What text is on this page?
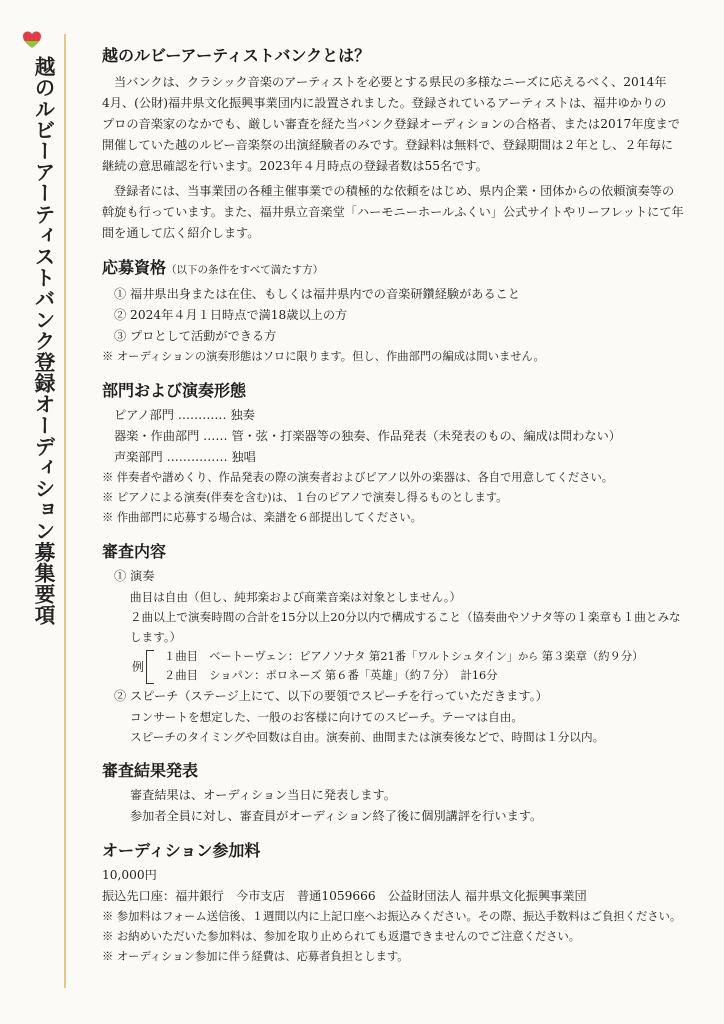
越のルビーアーティストバンク登録オーディション募集要項
越のルビーアーティストバンクとは？

当バンクは、クラシック音楽のアーティストを必要とする県民の多様なニーズに応えるべく、2014年

4月、(公財)福井県文化振興事業団内に設置されました。登録されているアーティストは、福井ゆかりの

プロの音楽家のなかでも、厳しい審査を経た当バンク登録オーディションの合格者、または2017年度まで

開催していた越のルビー音楽祭の出演経験者のみです。登録料は無料で、登録期間は２年とし、２年毎に

継続の意思確認を行います。2023年４月時点の登録者数は55名です。

登録者には、当事業団の各種主催事業での積極的な依頼をはじめ、県内企業・団体からの依頼演奏等の

斡旋も行っています。また、福井県立音楽堂「ハーモニーホールふくい」公式サイトやリーフレットにて年

間を通して広く紹介します。

応募資格（以下の条件をすべて満たす方）

① 福井県出身または在住、もしくは福井県内での音楽研鑽経験があること

② 2024年４月１日時点で満18歳以上の方

③ プロとして活動ができる方

※ オーディションの演奏形態はソロに限ります。但し、作曲部門の編成は問いません。

部門および演奏形態

ピアノ部門 ………… 独奏

器楽・作曲部門 …… 管・弦・打楽器等の独奏、作品発表（未発表のもの、編成は問わない）

声楽部門 …………… 独唱

※ 伴奏者や譜めくり、作品発表の際の演奏者およびピアノ以外の楽器は、各自で用意してください。

※ ピアノによる演奏(伴奏を含む)は、１台のピアノで演奏し得るものとします。

※ 作曲部門に応募する場合は、楽譜を６部提出してください。

審査内容

① 演奏

曲目は自由（但し、純邦楽および商業音楽は対象としません。）

２曲以上で演奏時間の合計を15分以上20分以内で構成すること（協奏曲やソナタ等の１楽章も１曲とみなします。）

例

１曲目　ベートーヴェン：ピアノソナタ 第21番「ワルトシュタイン」から 第３楽章（約９分）

２曲目　ショパン：ポロネーズ 第６番「英雄」（約７分）　計16分

② スピーチ（ステージ上にて、以下の要領でスピーチを行っていただきます。）

コンサートを想定した、一般のお客様に向けてのスピーチ。テーマは自由。

スピーチのタイミングや回数は自由。演奏前、曲間または演奏後などで、時間は１分以内。

審査結果発表

審査結果は、オーディション当日に発表します。

参加者全員に対し、審査員がオーディション終了後に個別講評を行います。

オーディション参加料

10,000円

振込先口座：福井銀行　今市支店　普通1059666　公益財団法人 福井県文化振興事業団

※ 参加料はフォーム送信後、１週間以内に上記口座へお振込みください。その際、振込手数料はご負担ください。

※ お納めいただいた参加料は、参加を取り止められても返還できませんのでご注意ください。

※ オーディション参加に伴う経費は、応募者負担とします。
